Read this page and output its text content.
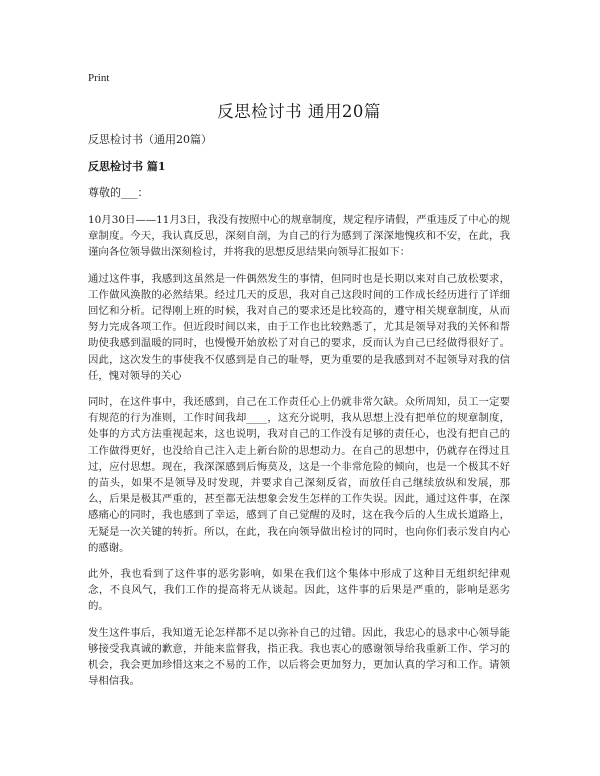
Print
反思检讨书 通用20篇
反思检讨书（通用20篇）
反思检讨书 篇1
尊敬的___：

10月30日——11月3日，我没有按照中心的规章制度，规定程序请假，严重违反了中心的规章制度。今天，我认真反思，深刻自剖，为自己的行为感到了深深地愧疚和不安，在此，我谨向各位领导做出深刻检讨，并将我的思想反思结果向领导汇报如下：

通过这件事，我感到这虽然是一件偶然发生的事情，但同时也是长期以来对自己放松要求，工作做风涣散的必然结果。经过几天的反思，我对自己这段时间的工作成长经历进行了详细回忆和分析。记得刚上班的时候，我对自己的要求还是比较高的，遵守相关规章制度，从而努力完成各项工作。但近段时间以来，由于工作也比较熟悉了，尤其是领导对我的关怀和帮助使我感到温暖的同时，也慢慢开始放松了对自己的要求，反而认为自己已经做得很好了。因此，这次发生的事使我不仅感到是自己的耻辱，更为重要的是我感到对不起领导对我的信任，愧对领导的关心

同时，在这件事中，我还感到，自己在工作责任心上仍就非常欠缺。众所周知，员工一定要有规范的行为准则，工作时间我却____，这充分说明，我从思想上没有把单位的规章制度，处事的方式方法重视起来，这也说明，我对自己的工作没有足够的责任心，也没有把自己的工作做得更好，也没给自己注入走上新台阶的思想动力。在自己的思想中，仍就存在得过且过，应付思想。现在，我深深感到后悔莫及，这是一个非常危险的倾向，也是一个极其不好的苗头，如果不是领导及时发现，并要求自己深刻反省，而放任自己继续放纵和发展，那么，后果是极其严重的，甚至都无法想象会发生怎样的工作失误。因此，通过这件事，在深感痛心的同时，我也感到了幸运，感到了自己觉醒的及时，这在我今后的人生成长道路上，无疑是一次关键的转折。所以，在此，我在向领导做出检讨的同时，也向你们表示发自内心的感谢。

此外，我也看到了这件事的恶劣影响，如果在我们这个集体中形成了这种目无组织纪律观念，不良风气，我们工作的提高将无从谈起。因此，这件事的后果是严重的，影响是恶劣的。

发生这件事后，我知道无论怎样都不足以弥补自己的过错。因此，我忠心的恳求中心领导能够接受我真诚的歉意，并能来监督我，指正我。我也衷心的感谢领导给我重新工作、学习的机会，我会更加珍惜这来之不易的工作，以后将会更加努力，更加认真的学习和工作。请领导相信我。
